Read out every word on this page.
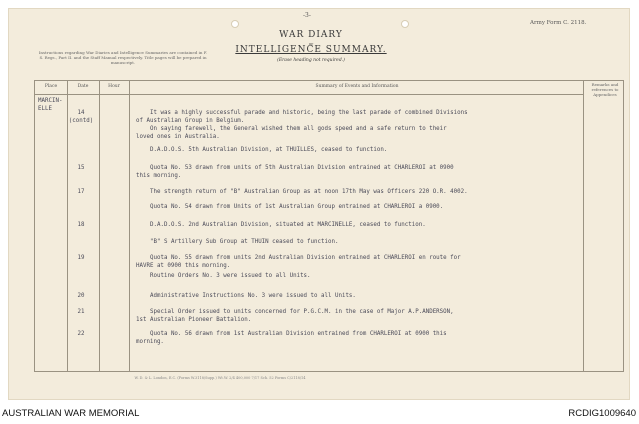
-3-
WAR DIARY
or
INTELLIGENCE SUMMARY.
(Erase heading not required.)
Army Form C. 2118.
Instructions regarding War Diaries and Intelligence Summaries are contained in F. S. Regs., Part II. and the Staff Manual respectively. Title pages will be prepared in manuscript.
Place	Date	Hour	Summary of Events and Information	Remarks and references to Appendices
MARCIN-ELLE
14 (contd)
It was a highly successful parade and historic, being the last parade of combined Divisions
of Australian Group in Belgium.
On saying farewell, the General wished them all gods speed and a safe return to their
loved ones in Australia.
D.A.D.O.S. 5th Australian Division, at THUILLES, ceased to function.
15	Quota No. 53 drawn from units of 5th Australian Division entrained at CHARLEROI at 0900
this morning.
17	The strength return of "B" Australian Group as at noon 17th May was Officers 220 O.R. 4002.
Quota No. 54 drawn from Units of 1st Australian Group entrained at CHARLEROI a 0900.
18	D.A.D.O.S. 2nd Australian Division, situated at MARCINELLE, ceased to function.
"B" S Artillery Sub Group at THUIN ceased to function.
19	Quota No. 55 drawn from units 2nd Australian Division entrained at CHARLEROI en route for
HAVRE at 0900 this morning.
Routine Orders No. 3 were issued to all Units.
20	Administrative Instructions No. 3 were issued to all Units.
21	Special Order issued to units concerned for P.G.C.M. in the case of Major A.P.ANDERSON,
1st Australian Pioneer Battalion.
22	Quota No. 56 drawn from 1st Australian Division entrained from CHARLEROI at 0900 this
morning.
W. D. & L. London, E.C. (Forms W.3118/Supp.) Wt.W. 2/4 400,000 7/17 Sch. 52 Forms C/2118/14
AUSTRALIAN WAR MEMORIAL	RCDIG1009640
